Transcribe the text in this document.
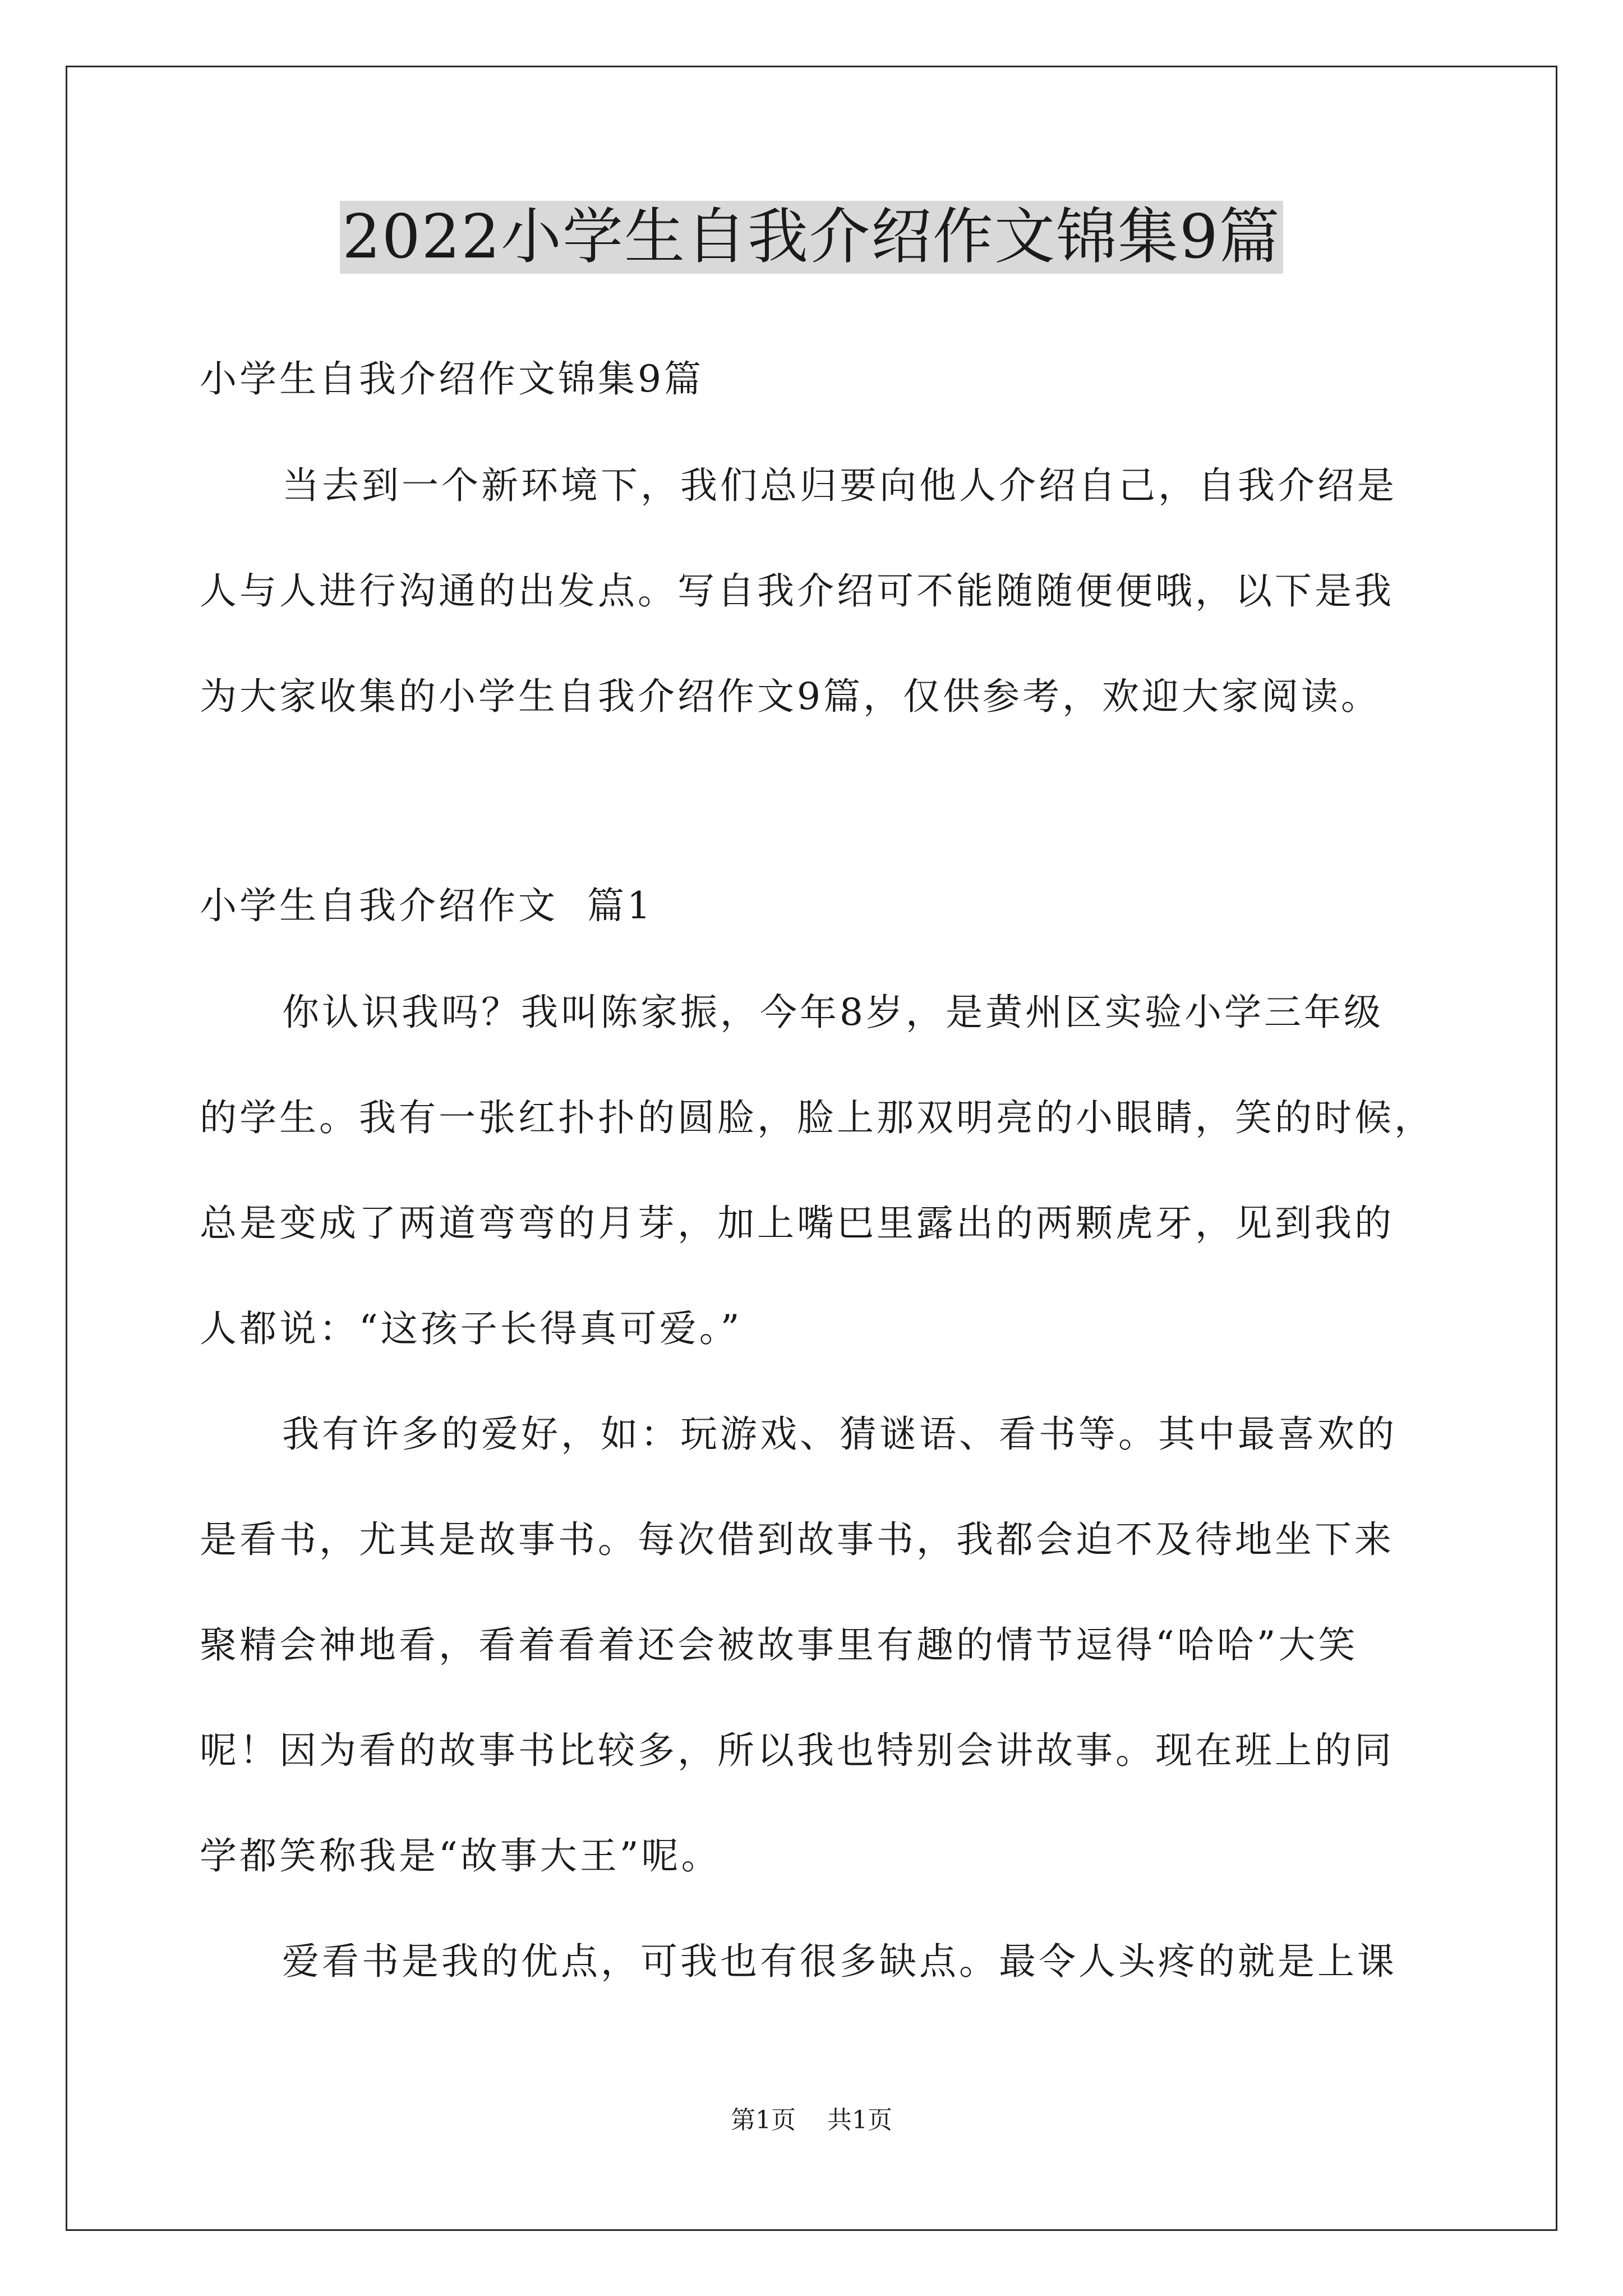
2022小学生自我介绍作文锦集9篇
小学生自我介绍作文锦集9篇
当去到一个新环境下，我们总归要向他人介绍自己，自我介绍是
人与人进行沟通的出发点。写自我介绍可不能随随便便哦，以下是我
为大家收集的小学生自我介绍作文9篇，仅供参考，欢迎大家阅读。
小学生自我介绍作文  篇1
你认识我吗？我叫陈家振，今年8岁，是黄州区实验小学三年级
的学生。我有一张红扑扑的圆脸，脸上那双明亮的小眼睛，笑的时候，
总是变成了两道弯弯的月芽，加上嘴巴里露出的两颗虎牙，见到我的
人都说：“这孩子长得真可爱。”
我有许多的爱好，如：玩游戏、猜谜语、看书等。其中最喜欢的
是看书，尤其是故事书。每次借到故事书，我都会迫不及待地坐下来
聚精会神地看，看着看着还会被故事里有趣的情节逗得“哈哈”大笑
呢！因为看的故事书比较多，所以我也特别会讲故事。现在班上的同
学都笑称我是“故事大王”呢。
爱看书是我的优点，可我也有很多缺点。最令人头疼的就是上课
第1页    共1页
